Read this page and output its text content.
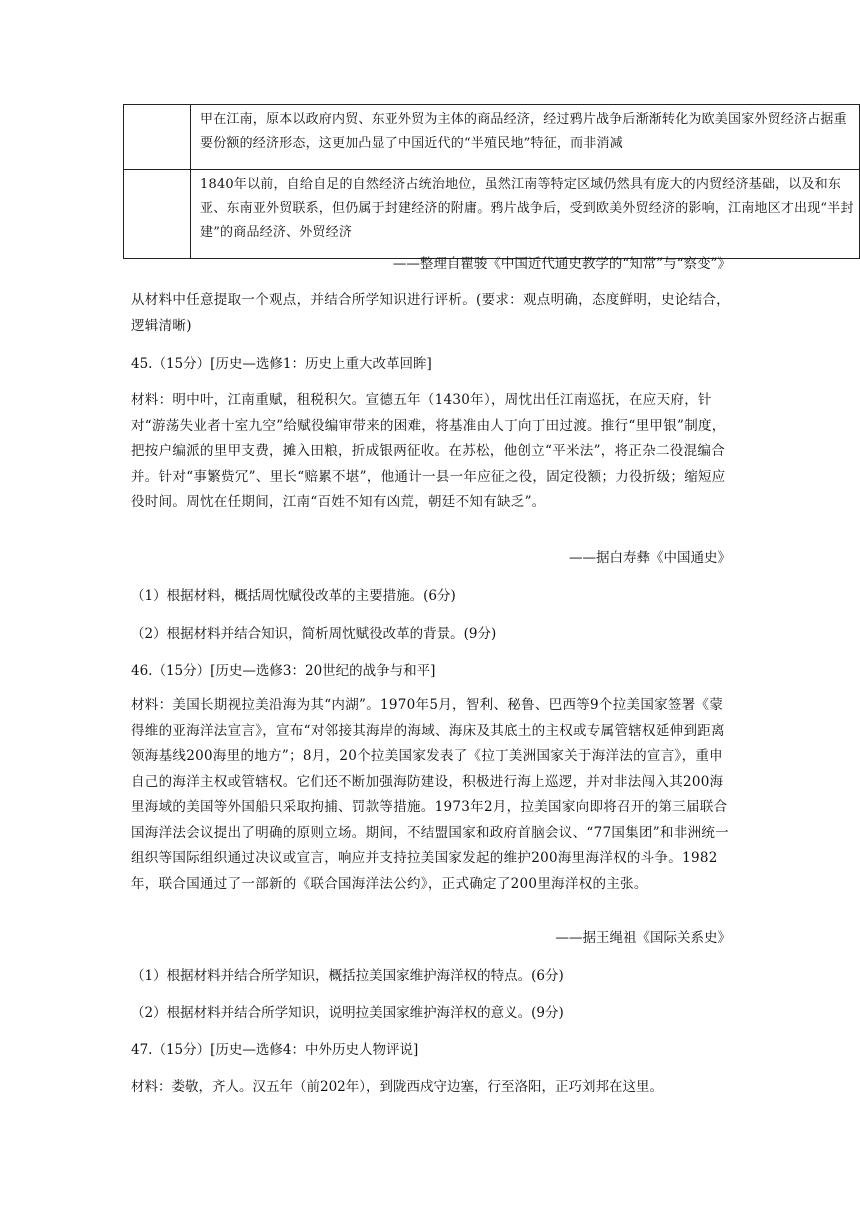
	甲在江南，原本以政府内贸、东亚外贸为主体的商品经济，经过鸦片战争后渐渐转化为欧美国家外贸经济占据重要份额的经济形态，这更加凸显了中国近代的“半殖民地”特征，而非消减

	1840年以前，自给自足的自然经济占统治地位，虽然江南等特定区域仍然具有庞大的内贸经济基础，以及和东亚、东南亚外贸联系，但仍属于封建经济的附庸。鸦片战争后，受到欧美外贸经济的影响，江南地区才出现“半封建”的商品经济、外贸经济
——整理自瞿骏《中国近代通史教学的“知常”与“察变”》
从材料中任意提取一个观点，并结合所学知识进行评析。(要求：观点明确，态度鲜明，史论结合，逻辑清晰)
45.（15分）[历史—选修1：历史上重大改革回眸]
材料：明中叶，江南重赋，租税积欠。宣德五年（1430年），周忱出任江南巡抚，在应天府，针对“游荡失业者十室九空”给赋役编审带来的困难，将基准由人丁向丁田过渡。推行“里甲银”制度，把按户编派的里甲支费，摊入田粮，折成银两征收。在苏松，他创立“平米法”，将正杂二役混编合并。针对“事繁赀冗”、里长“赔累不堪”，他通计一县一年应征之役，固定役额；力役折级；缩短应役时间。周忱在任期间，江南“百姓不知有凶荒，朝廷不知有缺乏”。
——据白寿彝《中国通史》
（1）根据材料，概括周忱赋役改革的主要措施。(6分)
（2）根据材料并结合知识，简析周忱赋役改革的背景。(9分)
46.（15分）[历史—选修3：20世纪的战争与和平]
材料：美国长期视拉美沿海为其“内湖”。1970年5月，智利、秘鲁、巴西等9个拉美国家签署《蒙得维的亚海洋法宣言》，宣布“对邻接其海岸的海域、海床及其底土的主权或专属管辖权延伸到距离领海基线200海里的地方”；8月，20个拉美国家发表了《拉丁美洲国家关于海洋法的宣言》，重申自己的海洋主权或管辖权。它们还不断加强海防建设，积极进行海上巡逻，并对非法闯入其200海里海域的美国等外国船只采取拘捕、罚款等措施。1973年2月，拉美国家向即将召开的第三届联合国海洋法会议提出了明确的原则立场。期间，不结盟国家和政府首脑会议、“77国集团”和非洲统一组织等国际组织通过决议或宣言，响应并支持拉美国家发起的维护200海里海洋权的斗争。1982年，联合国通过了一部新的《联合国海洋法公约》，正式确定了200里海洋权的主张。
——据王绳祖《国际关系史》
（1）根据材料并结合所学知识，概括拉美国家维护海洋权的特点。(6分)
（2）根据材料并结合所学知识，说明拉美国家维护海洋权的意义。(9分)
47.（15分）[历史—选修4：中外历史人物评说]
材料：娄敬，齐人。汉五年（前202年），到陇西戍守边塞，行至洛阳，正巧刘邦在这里。
